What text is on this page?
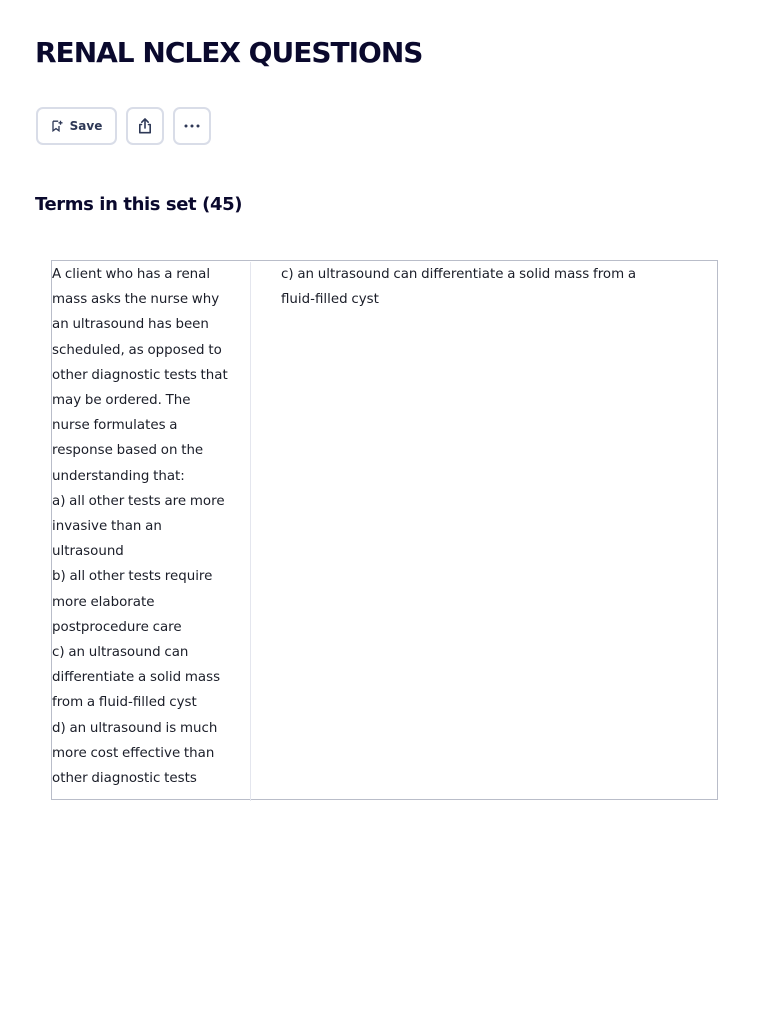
RENAL NCLEX QUESTIONS
Save
Terms in this set (45)
A client who has a renal
mass asks the nurse why
an ultrasound has been
scheduled, as opposed to
other diagnostic tests that
may be ordered. The
nurse formulates a
response based on the
understanding that:
a) all other tests are more
invasive than an
ultrasound
b) all other tests require
more elaborate
postprocedure care
c) an ultrasound can
differentiate a solid mass
from a fluid-filled cyst
d) an ultrasound is much
more cost effective than
other diagnostic tests
c) an ultrasound can differentiate a solid mass from a fluid-filled cyst
